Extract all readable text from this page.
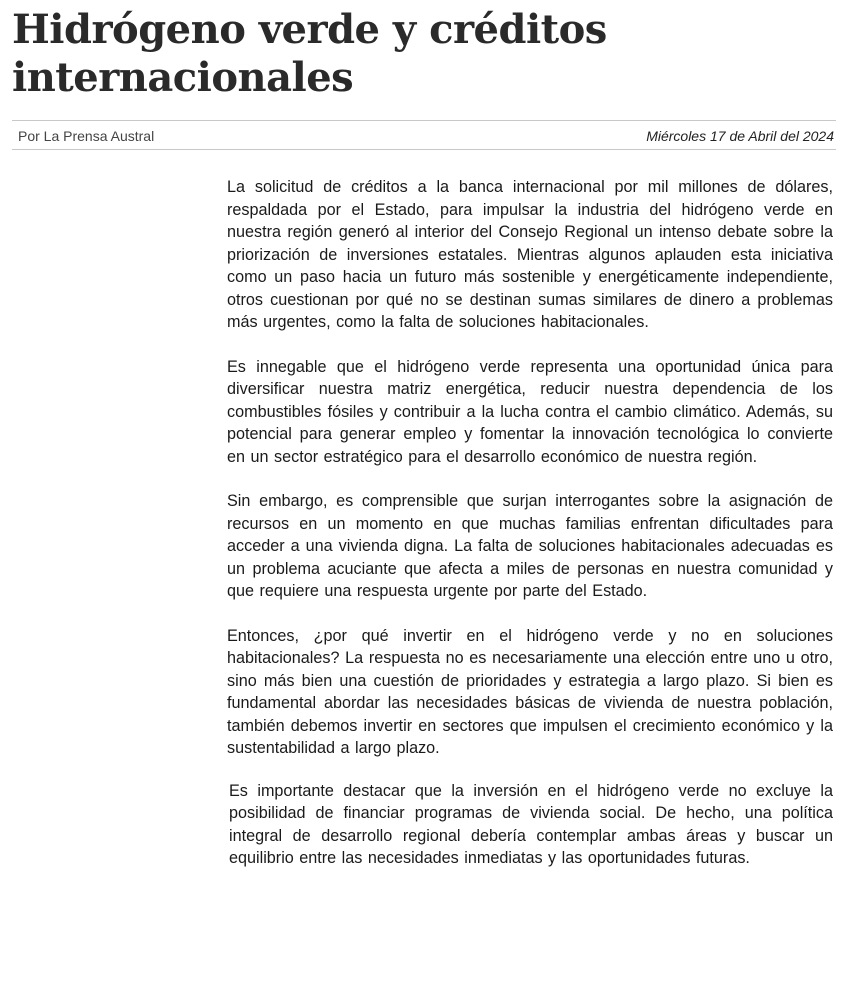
Hidrógeno verde y créditos internacionales
Por La Prensa Austral	Miércoles 17 de Abril del 2024

La solicitud de créditos a la banca internacional por mil millones de dólares, respaldada por el Estado, para impulsar la industria del hidrógeno verde en nuestra región generó al interior del Consejo Regional un intenso debate sobre la priorización de inversiones estatales. Mientras algunos aplauden esta iniciativa como un paso hacia un futuro más sostenible y energéticamente independiente, otros cuestionan por qué no se destinan sumas similares de dinero a problemas más urgentes, como la falta de soluciones habitacionales.

Es innegable que el hidrógeno verde representa una oportunidad única para diversificar nuestra matriz energética, reducir nuestra dependencia de los combustibles fósiles y contribuir a la lucha contra el cambio climático. Además, su potencial para generar empleo y fomentar la innovación tecnológica lo convierte en un sector estratégico para el desarrollo económico de nuestra región.

Sin embargo, es comprensible que surjan interrogantes sobre la asignación de recursos en un momento en que muchas familias enfrentan dificultades para acceder a una vivienda digna. La falta de soluciones habitacionales adecuadas es un problema acuciante que afecta a miles de personas en nuestra comunidad y que requiere una respuesta urgente por parte del Estado.

Entonces, ¿por qué invertir en el hidrógeno verde y no en soluciones habitacionales? La respuesta no es necesariamente una elección entre uno u otro, sino más bien una cuestión de prioridades y estrategia a largo plazo. Si bien es fundamental abordar las necesidades básicas de vivienda de nuestra población, también debemos invertir en sectores que impulsen el crecimiento económico y la sustentabilidad a largo plazo.

Es importante destacar que la inversión en el hidrógeno verde no excluye la posibilidad de financiar programas de vivienda social. De hecho, una política integral de desarrollo regional debería contemplar ambas áreas y buscar un equilibrio entre las necesidades inmediatas y las oportunidades futuras.
